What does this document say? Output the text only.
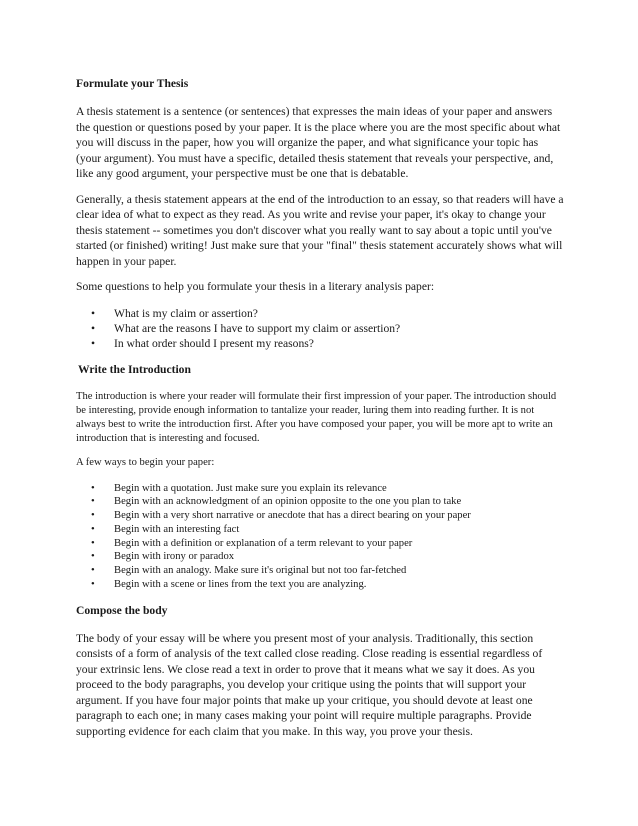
Formulate your Thesis

A thesis statement is a sentence (or sentences) that expresses the main ideas of your paper and answers the question or questions posed by your paper. It is the place where you are the most specific about what you will discuss in the paper, how you will organize the paper, and what significance your topic has (your argument). You must have a specific, detailed thesis statement that reveals your perspective, and, like any good argument, your perspective must be one that is debatable.

Generally, a thesis statement appears at the end of the introduction to an essay, so that readers will have a clear idea of what to expect as they read. As you write and revise your paper, it's okay to change your thesis statement -- sometimes you don't discover what you really want to say about a topic until you've started (or finished) writing! Just make sure that your "final" thesis statement accurately shows what will happen in your paper.

Some questions to help you formulate your thesis in a literary analysis paper:

• What is my claim or assertion?
• What are the reasons I have to support my claim or assertion?
• In what order should I present my reasons?
Write the Introduction

The introduction is where your reader will formulate their first impression of your paper. The introduction should be interesting, provide enough information to tantalize your reader, luring them into reading further. It is not always best to write the introduction first. After you have composed your paper, you will be more apt to write an introduction that is interesting and focused.

A few ways to begin your paper:

• Begin with a quotation. Just make sure you explain its relevance
• Begin with an acknowledgment of an opinion opposite to the one you plan to take
• Begin with a very short narrative or anecdote that has a direct bearing on your paper
• Begin with an interesting fact
• Begin with a definition or explanation of a term relevant to your paper
• Begin with irony or paradox
• Begin with an analogy. Make sure it's original but not too far-fetched
• Begin with a scene or lines from the text you are analyzing.
Compose the body

The body of your essay will be where you present most of your analysis. Traditionally, this section consists of a form of analysis of the text called close reading. Close reading is essential regardless of your extrinsic lens. We close read a text in order to prove that it means what we say it does. As you proceed to the body paragraphs, you develop your critique using the points that will support your argument. If you have four major points that make up your critique, you should devote at least one paragraph to each one; in many cases making your point will require multiple paragraphs. Provide supporting evidence for each claim that you make. In this way, you prove your thesis.
